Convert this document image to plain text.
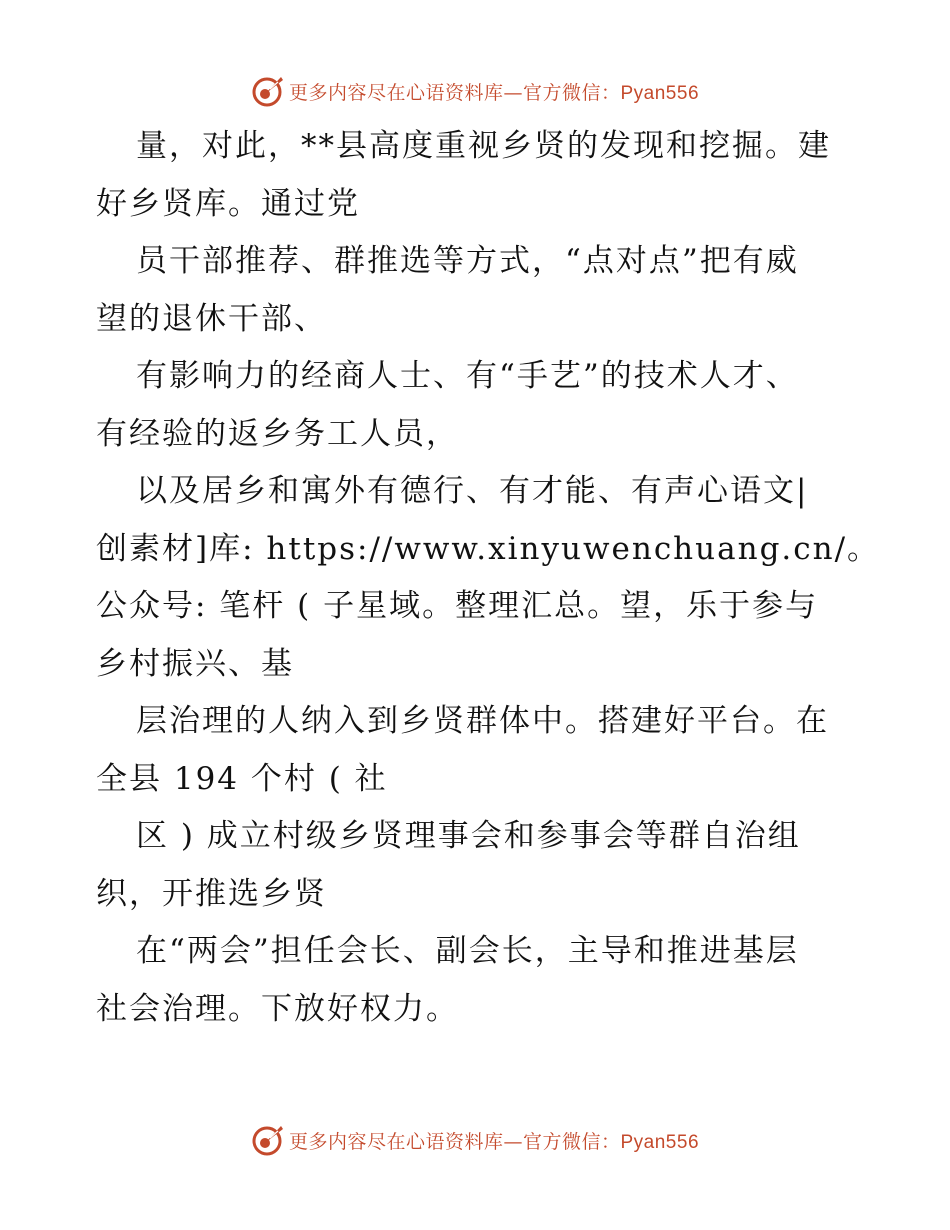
更多内容尽在心语资料库—官方微信：Pyan556
量，对此，**县高度重视乡贤的发现和挖掘。建
好乡贤库。通过党
员干部推荐、群推选等方式，“点对点”把有威
望的退休干部、
有影响力的经商人士、有“手艺”的技术人才、
有经验的返乡务工人员，
以及居乡和寓外有德行、有才能、有声心语文|
创素材]库: https://www.xinyuwenchuang.cn/。
公众号: 笔杆 ( 子星域。整理汇总。望，乐于参与
乡村振兴、基
层治理的人纳入到乡贤群体中。搭建好平台。在
全县 194 个村 ( 社
区 ) 成立村级乡贤理事会和参事会等群自治组
织，开推选乡贤
在“两会”担任会长、副会长，主导和推进基层
社会治理。下放好权力。
更多内容尽在心语资料库—官方微信：Pyan556
